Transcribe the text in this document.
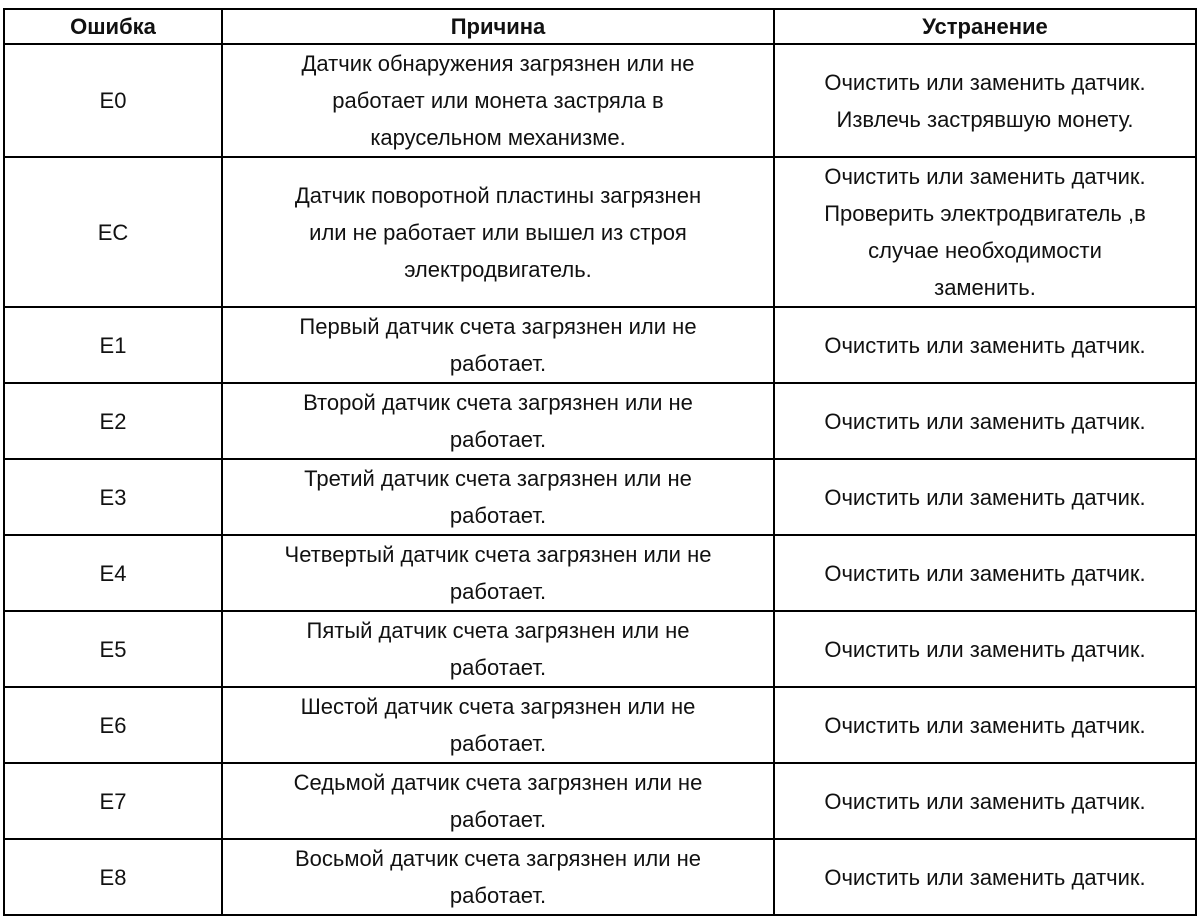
Ошибка	Причина	Устранение
E0	Датчик обнаружения загрязнен или не
работает или монета застряла в
карусельном механизме.	Очистить или заменить датчик.
Извлечь застрявшую монету.

EC	Датчик поворотной пластины загрязнен
или не работает или вышел из строя
электродвигатель.	Очистить или заменить датчик.
Проверить электродвигатель ,в
случае необходимости
заменить.

E1	Первый датчик счета загрязнен или не
работает.	Очистить или заменить датчик.

E2	Второй датчик счета загрязнен или не
работает.	Очистить или заменить датчик.

E3	Третий датчик счета загрязнен или не
работает.	Очистить или заменить датчик.

E4	Четвертый датчик счета загрязнен или не
работает.	Очистить или заменить датчик.

E5	Пятый датчик счета загрязнен или не
работает.	Очистить или заменить датчик.

E6	Шестой датчик счета загрязнен или не
работает.	Очистить или заменить датчик.

E7	Седьмой датчик счета загрязнен или не
работает.	Очистить или заменить датчик.

E8	Восьмой датчик счета загрязнен или не
работает.	Очистить или заменить датчик.
